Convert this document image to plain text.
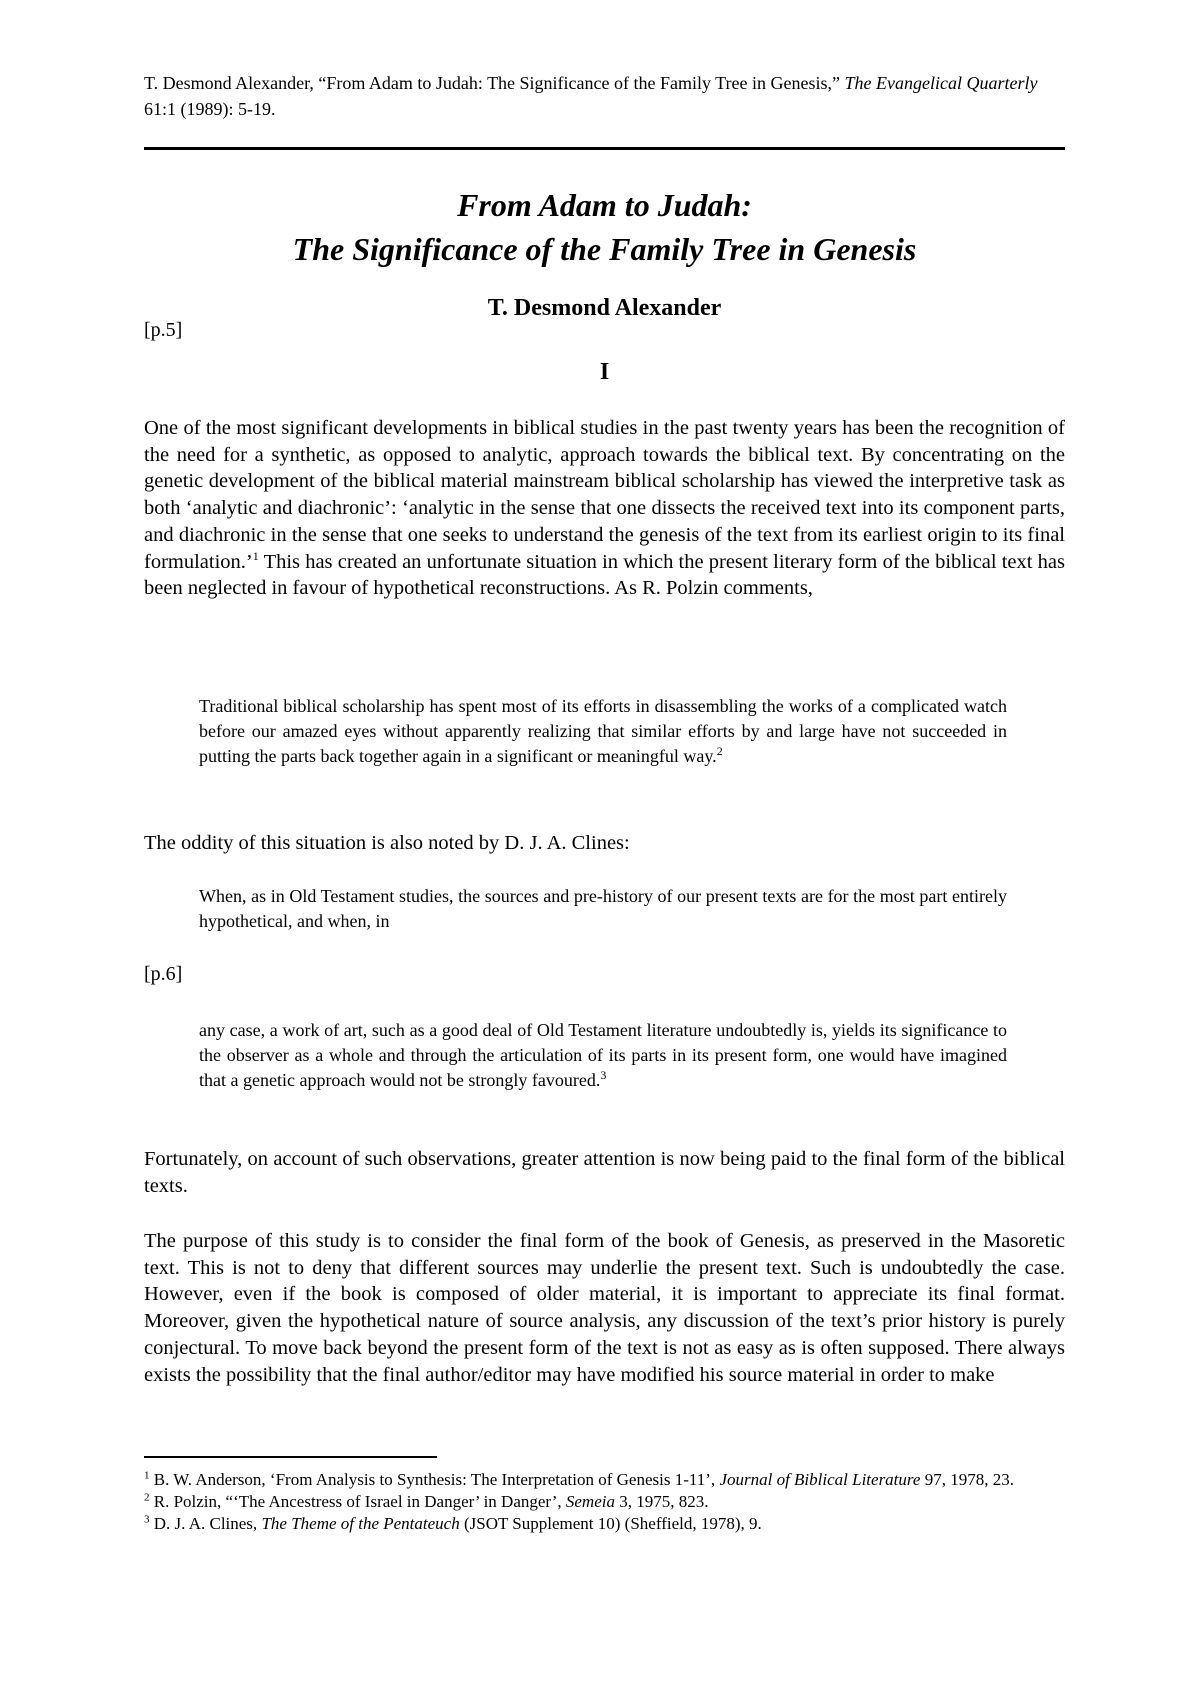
T. Desmond Alexander, “From Adam to Judah: The Significance of the Family Tree in Genesis,” The Evangelical Quarterly 61:1 (1989): 5-19.
From Adam to Judah:
The Significance of the Family Tree in Genesis
T. Desmond Alexander
[p.5]
I
One of the most significant developments in biblical studies in the past twenty years has been the recognition of the need for a synthetic, as opposed to analytic, approach towards the biblical text. By concentrating on the genetic development of the biblical material mainstream biblical scholarship has viewed the interpretive task as both ‘analytic and diachronic’: ‘analytic in the sense that one dissects the received text into its component parts, and diachronic in the sense that one seeks to understand the genesis of the text from its earliest origin to its final formulation.’$^1$ This has created an unfortunate situation in which the present literary form of the biblical text has been neglected in favour of hypothetical reconstructions. As R. Polzin comments,
Traditional biblical scholarship has spent most of its efforts in disassembling the works of a complicated watch before our amazed eyes without apparently realizing that similar efforts by and large have not succeeded in putting the parts back together again in a significant or meaningful way.$^2$
The oddity of this situation is also noted by D. J. A. Clines:
When, as in Old Testament studies, the sources and pre-history of our present texts are for the most part entirely hypothetical, and when, in
[p.6]
any case, a work of art, such as a good deal of Old Testament literature undoubtedly is, yields its significance to the observer as a whole and through the articulation of its parts in its present form, one would have imagined that a genetic approach would not be strongly favoured.$^3$
Fortunately, on account of such observations, greater attention is now being paid to the final form of the biblical texts.
The purpose of this study is to consider the final form of the book of Genesis, as preserved in the Masoretic text. This is not to deny that different sources may underlie the present text. Such is undoubtedly the case. However, even if the book is composed of older material, it is important to appreciate its final format. Moreover, given the hypothetical nature of source analysis, any discussion of the text’s prior history is purely conjectural. To move back beyond the present form of the text is not as easy as is often supposed. There always exists the possibility that the final author/editor may have modified his source material in order to make

$^1$ B. W. Anderson, ‘From Analysis to Synthesis: The Interpretation of Genesis 1-11’, Journal of Biblical Literature 97, 1978, 23.

$^2$ R. Polzin, “‘The Ancestress of Israel in Danger’ in Danger’, Semeia 3, 1975, 823.

$^3$ D. J. A. Clines, The Theme of the Pentateuch (JSOT Supplement 10) (Sheffield, 1978), 9.
